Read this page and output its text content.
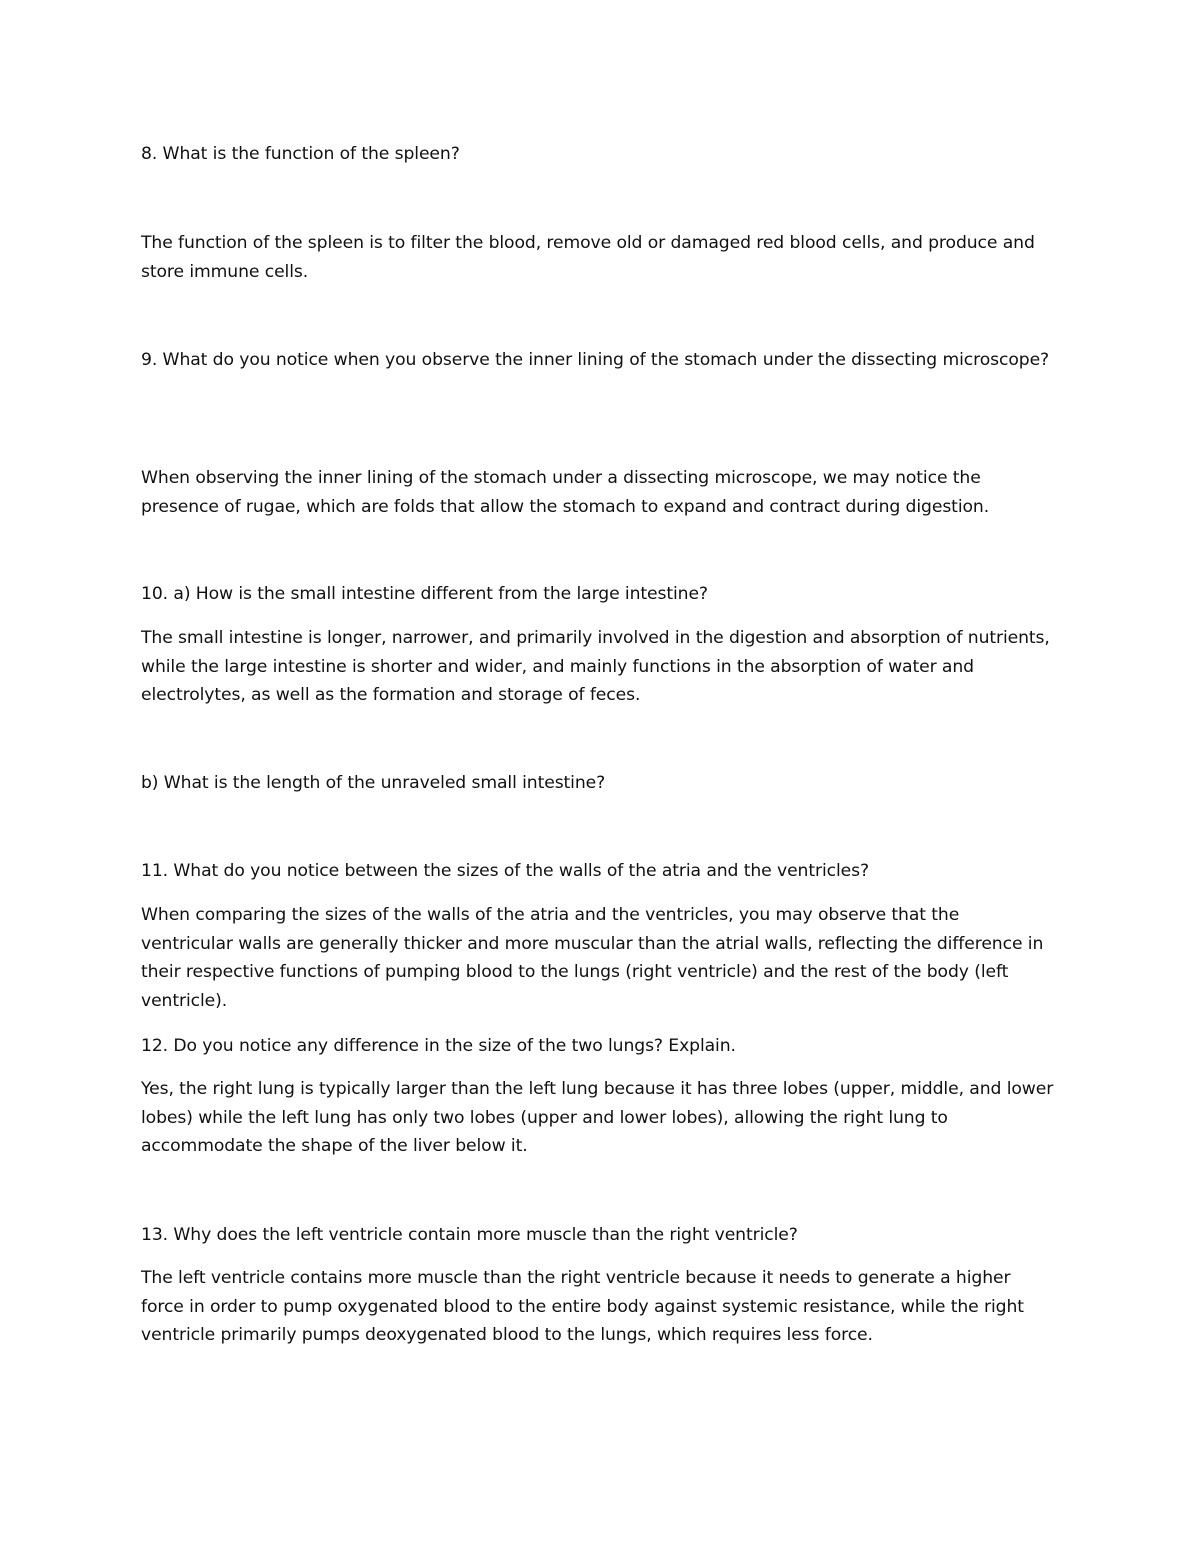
8. What is the function of the spleen?

The function of the spleen is to filter the blood, remove old or damaged red blood cells, and produce and store immune cells.

9. What do you notice when you observe the inner lining of the stomach under the dissecting microscope?

When observing the inner lining of the stomach under a dissecting microscope, we may notice the presence of rugae, which are folds that allow the stomach to expand and contract during digestion.

10. a) How is the small intestine different from the large intestine?

The small intestine is longer, narrower, and primarily involved in the digestion and absorption of nutrients, while the large intestine is shorter and wider, and mainly functions in the absorption of water and electrolytes, as well as the formation and storage of feces.

b) What is the length of the unraveled small intestine?

11. What do you notice between the sizes of the walls of the atria and the ventricles?

When comparing the sizes of the walls of the atria and the ventricles, you may observe that the ventricular walls are generally thicker and more muscular than the atrial walls, reflecting the difference in their respective functions of pumping blood to the lungs (right ventricle) and the rest of the body (left ventricle).

12. Do you notice any difference in the size of the two lungs? Explain.

Yes, the right lung is typically larger than the left lung because it has three lobes (upper, middle, and lower lobes) while the left lung has only two lobes (upper and lower lobes), allowing the right lung to accommodate the shape of the liver below it.

13. Why does the left ventricle contain more muscle than the right ventricle?

The left ventricle contains more muscle than the right ventricle because it needs to generate a higher force in order to pump oxygenated blood to the entire body against systemic resistance, while the right ventricle primarily pumps deoxygenated blood to the lungs, which requires less force.
